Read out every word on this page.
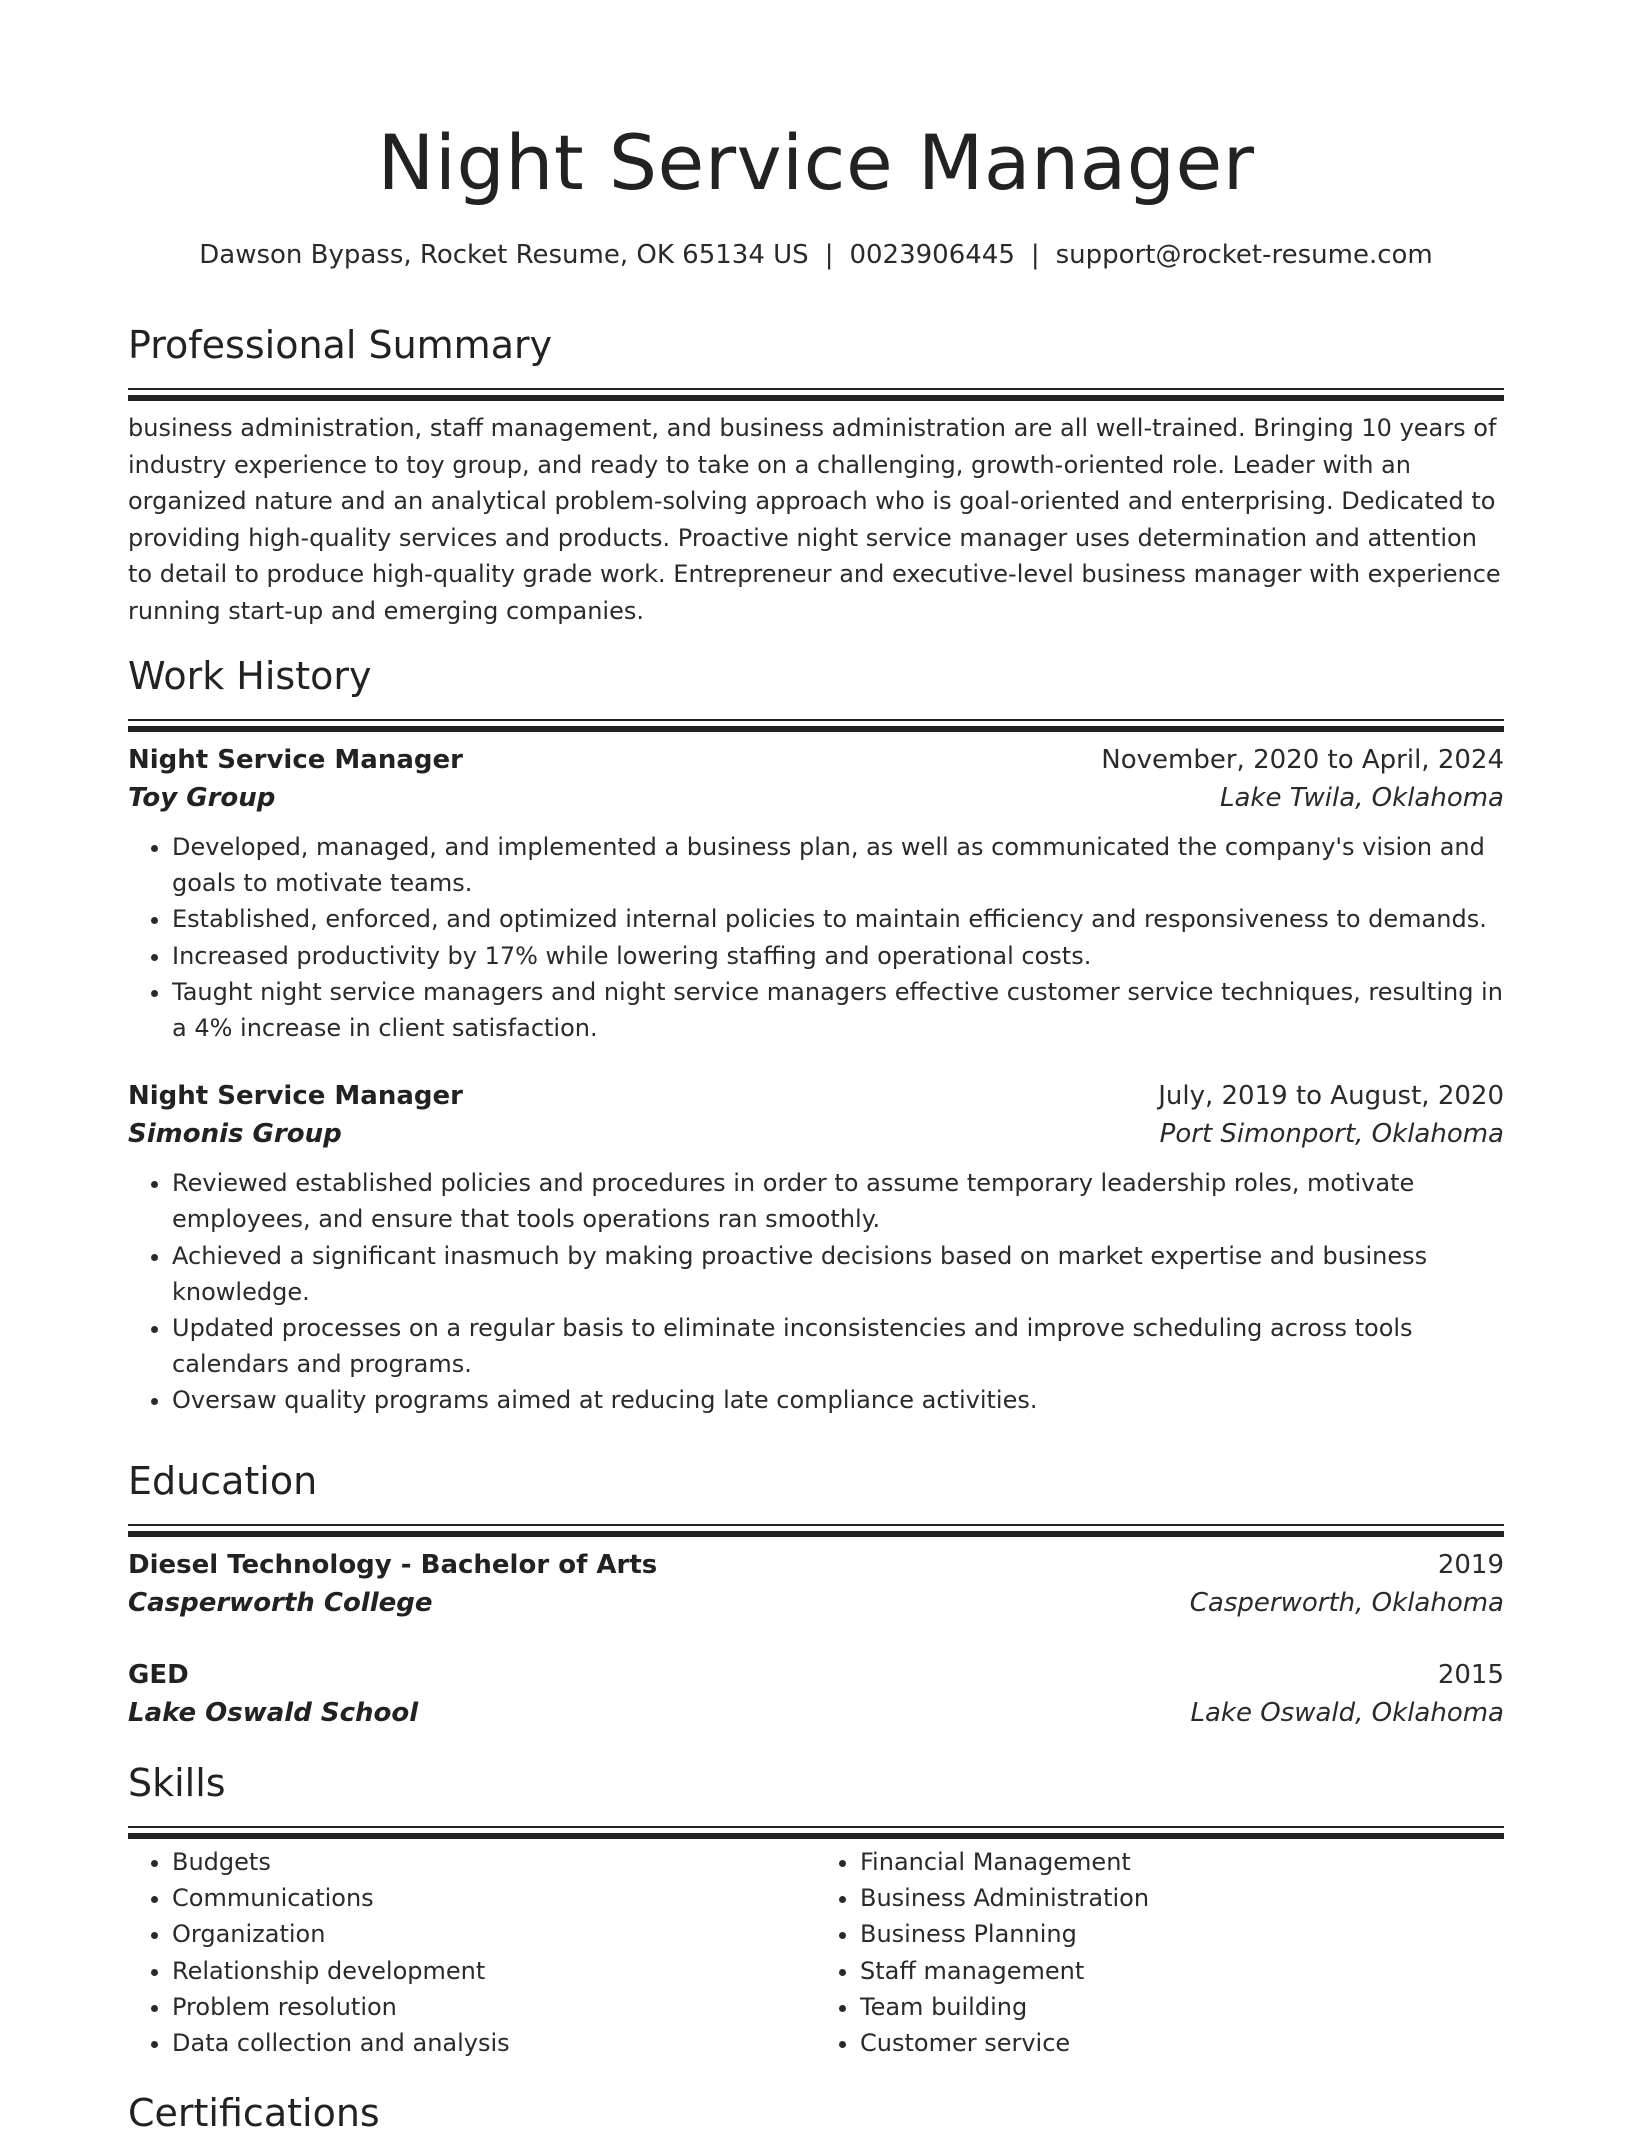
Night Service Manager
Dawson Bypass, Rocket Resume, OK 65134 US | 0023906445 | support@rocket-resume.com
Professional Summary
business administration, staff management, and business administration are all well-trained. Bringing 10 years of industry experience to toy group, and ready to take on a challenging, growth-oriented role. Leader with an organized nature and an analytical problem-solving approach who is goal-oriented and enterprising. Dedicated to providing high-quality services and products. Proactive night service manager uses determination and attention to detail to produce high-quality grade work. Entrepreneur and executive-level business manager with experience running start-up and emerging companies.
Work History
Night Service Manager	November, 2020 to April, 2024
Toy Group	Lake Twila, Oklahoma
• Developed, managed, and implemented a business plan, as well as communicated the company's vision and goals to motivate teams.
• Established, enforced, and optimized internal policies to maintain efficiency and responsiveness to demands.
• Increased productivity by 17% while lowering staffing and operational costs.
• Taught night service managers and night service managers effective customer service techniques, resulting in a 4% increase in client satisfaction.
Night Service Manager	July, 2019 to August, 2020
Simonis Group	Port Simonport, Oklahoma
• Reviewed established policies and procedures in order to assume temporary leadership roles, motivate employees, and ensure that tools operations ran smoothly.
• Achieved a significant inasmuch by making proactive decisions based on market expertise and business knowledge.
• Updated processes on a regular basis to eliminate inconsistencies and improve scheduling across tools calendars and programs.
• Oversaw quality programs aimed at reducing late compliance activities.
Education
Diesel Technology - Bachelor of Arts	2019
Casperworth College	Casperworth, Oklahoma
GED	2015
Lake Oswald School	Lake Oswald, Oklahoma
Skills
• Budgets
• Communications
• Organization
• Relationship development
• Problem resolution
• Data collection and analysis
• Financial Management
• Business Administration
• Business Planning
• Staff management
• Team building
• Customer service
Certifications
